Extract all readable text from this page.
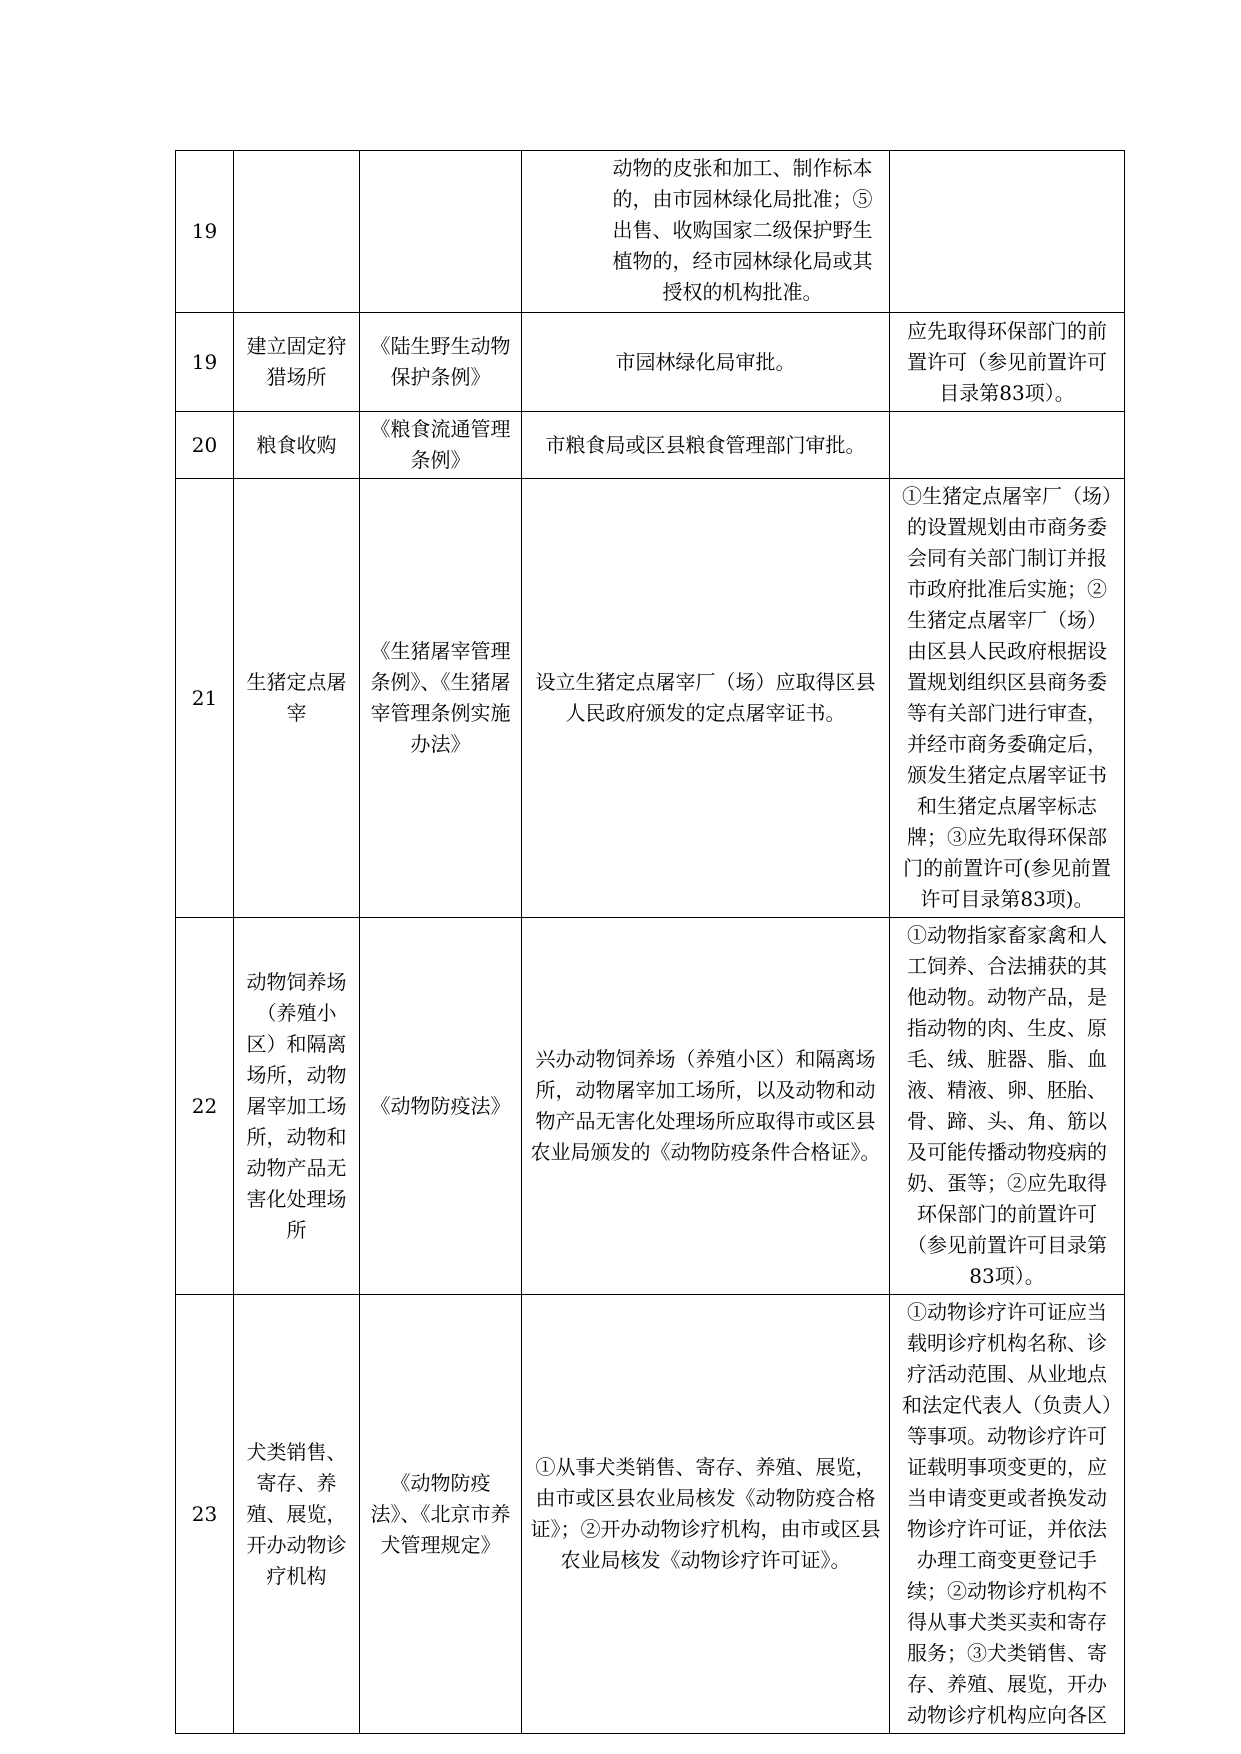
19			动物的皮张和加工、制作标本的，由市园林绿化局批准；⑤出售、收购国家二级保护野生植物的，经市园林绿化局或其授权的机构批准。	
19	建立固定狩猎场所	《陆生野生动物保护条例》	市园林绿化局审批。	应先取得环保部门的前置许可（参见前置许可目录第83项）。
20	粮食收购	《粮食流通管理条例》	市粮食局或区县粮食管理部门审批。	
21	生猪定点屠宰	《生猪屠宰管理条例》、《生猪屠宰管理条例实施办法》	设立生猪定点屠宰厂（场）应取得区县人民政府颁发的定点屠宰证书。	①生猪定点屠宰厂（场）的设置规划由市商务委会同有关部门制订并报市政府批准后实施；②生猪定点屠宰厂（场）由区县人民政府根据设置规划组织区县商务委等有关部门进行审查，并经市商务委确定后，颁发生猪定点屠宰证书和生猪定点屠宰标志牌；③应先取得环保部门的前置许可(参见前置许可目录第83项)。
22	动物饲养场（养殖小区）和隔离场所，动物屠宰加工场所，动物和动物产品无害化处理场所	《动物防疫法》	兴办动物饲养场（养殖小区）和隔离场所，动物屠宰加工场所，以及动物和动物产品无害化处理场所应取得市或区县农业局颁发的《动物防疫条件合格证》。	①动物指家畜家禽和人工饲养、合法捕获的其他动物。动物产品，是指动物的肉、生皮、原毛、绒、脏器、脂、血液、精液、卵、胚胎、骨、蹄、头、角、筋以及可能传播动物疫病的奶、蛋等；②应先取得环保部门的前置许可（参见前置许可目录第83项）。
23	犬类销售、寄存、养殖、展览，开办动物诊疗机构	《动物防疫法》、《北京市养犬管理规定》	①从事犬类销售、寄存、养殖、展览，由市或区县农业局核发《动物防疫合格证》；②开办动物诊疗机构，由市或区县农业局核发《动物诊疗许可证》。	①动物诊疗许可证应当载明诊疗机构名称、诊疗活动范围、从业地点和法定代表人（负责人）等事项。动物诊疗许可证载明事项变更的，应当申请变更或者换发动物诊疗许可证，并依法办理工商变更登记手续；②动物诊疗机构不得从事犬类买卖和寄存服务；③犬类销售、寄存、养殖、展览，开办动物诊疗机构应向各区
